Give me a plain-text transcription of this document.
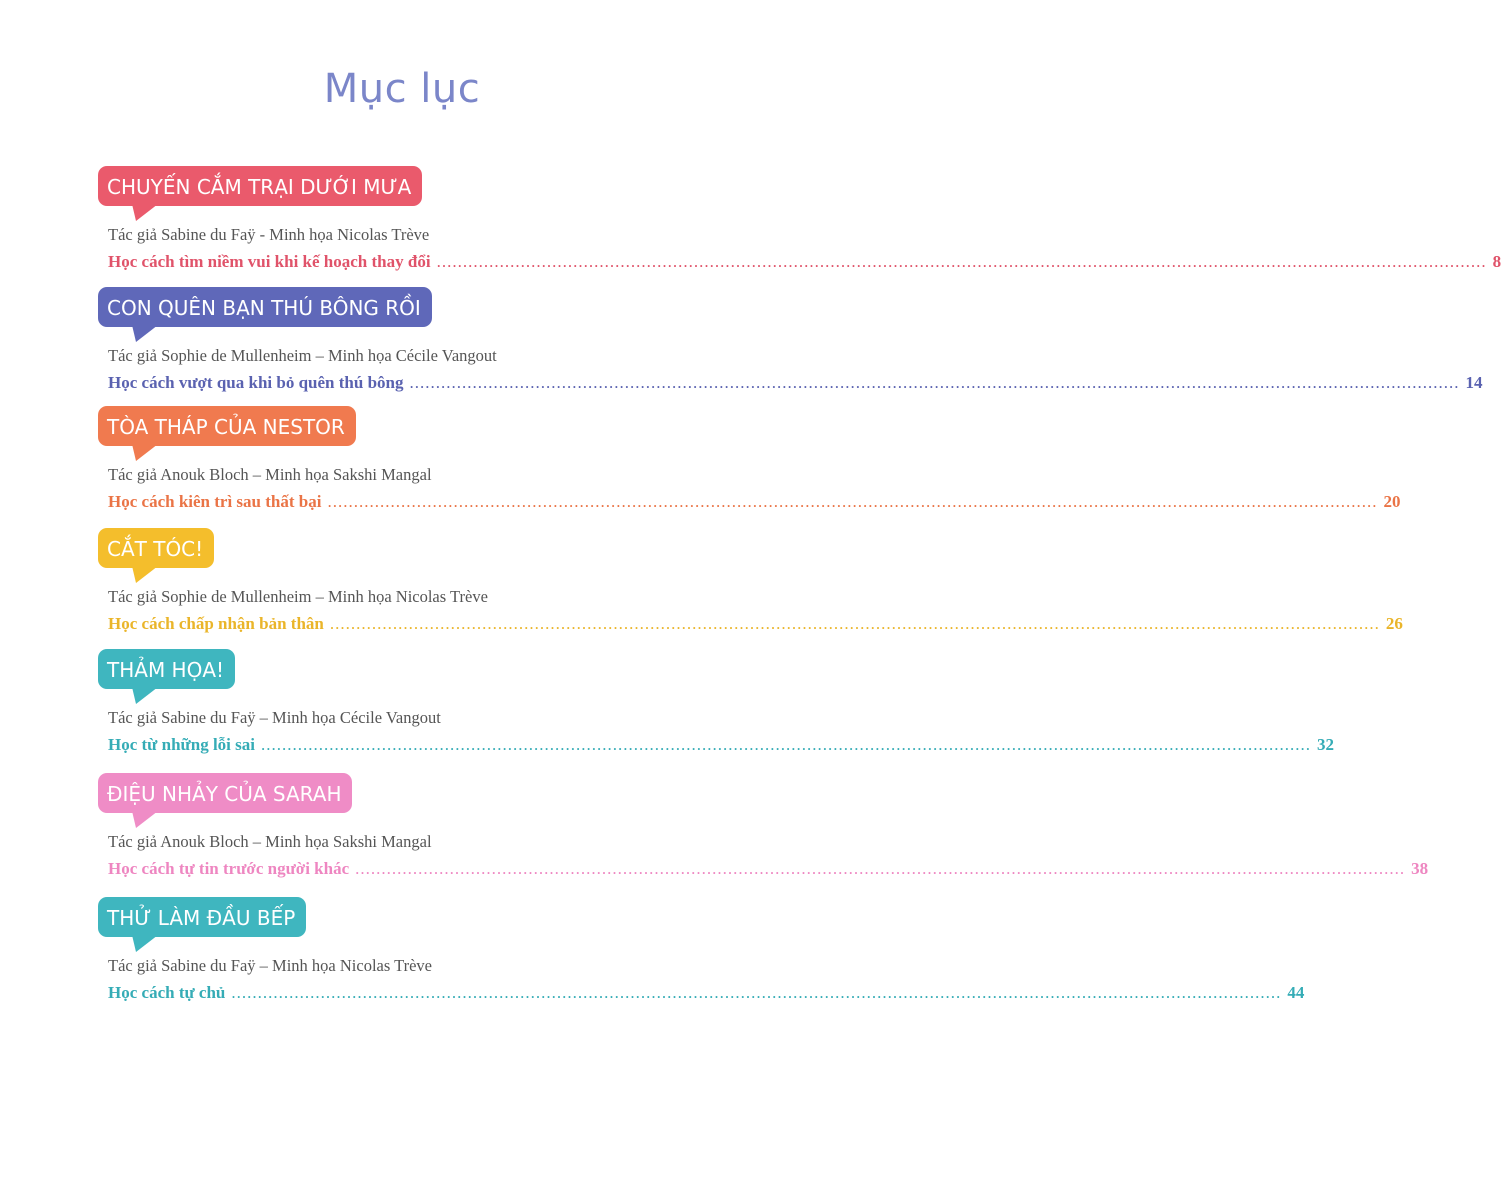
Mục lục
CHUYẾN CẮM TRẠI DƯỚI MƯA
Tác giả Sabine du Faÿ - Minh họa Nicolas Trève
Học cách tìm niềm vui khi kế hoạch thay đổi ........................................................................................................................................................................................................ 8
CON QUÊN BẠN THÚ BÔNG RỒI
Tác giả Sophie de Mullenheim – Minh họa Cécile Vangout
Học cách vượt qua khi bỏ quên thú bông ........................................................................................................................................................................................................ 14
TÒA THÁP CỦA NESTOR
Tác giả Anouk Bloch – Minh họa Sakshi Mangal
Học cách kiên trì sau thất bại ........................................................................................................................................................................................................ 20
CẮT TÓC!
Tác giả Sophie de Mullenheim – Minh họa Nicolas Trève
Học cách chấp nhận bản thân ........................................................................................................................................................................................................ 26
THẢM HỌA!
Tác giả Sabine du Faÿ – Minh họa Cécile Vangout
Học từ những lỗi sai ........................................................................................................................................................................................................ 32
ĐIỆU NHẢY CỦA SARAH
Tác giả Anouk Bloch – Minh họa Sakshi Mangal
Học cách tự tin trước người khác ........................................................................................................................................................................................................ 38
THỬ LÀM ĐẦU BẾP
Tác giả Sabine du Faÿ – Minh họa Nicolas Trève
Học cách tự chủ ........................................................................................................................................................................................................ 44
